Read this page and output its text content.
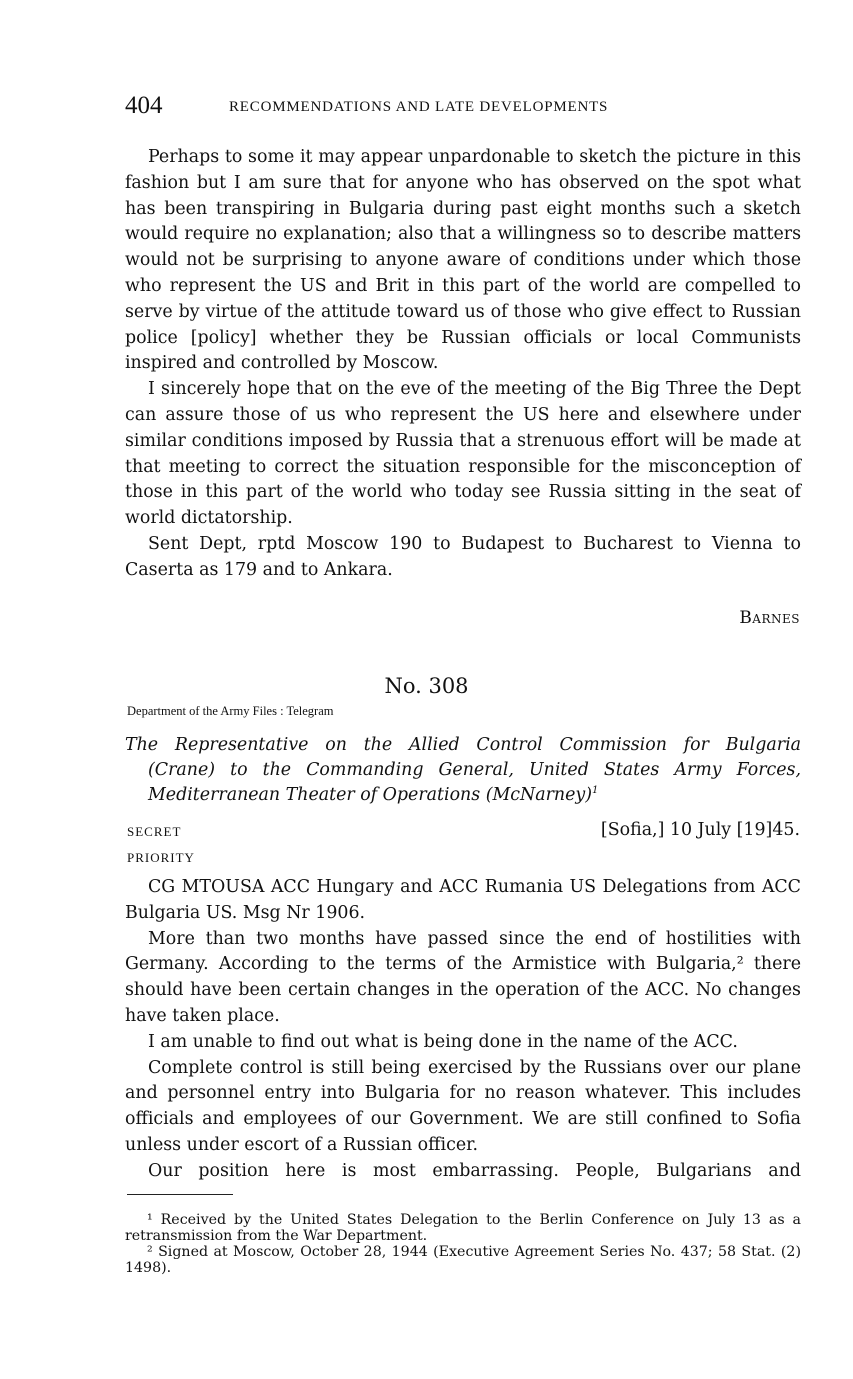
404	RECOMMENDATIONS AND LATE DEVELOPMENTS

Perhaps to some it may appear unpardonable to sketch the picture in this fashion but I am sure that for anyone who has observed on the spot what has been transpiring in Bulgaria during past eight months such a sketch would require no explanation; also that a willingness so to describe matters would not be surprising to anyone aware of conditions under which those who represent the US and Brit in this part of the world are compelled to serve by virtue of the attitude toward us of those who give effect to Russian police [policy] whether they be Russian officials or local Communists inspired and controlled by Moscow.

I sincerely hope that on the eve of the meeting of the Big Three the Dept can assure those of us who represent the US here and elsewhere under similar conditions imposed by Russia that a strenuous effort will be made at that meeting to correct the situation responsible for the misconception of those in this part of the world who today see Russia sitting in the seat of world dictatorship.

Sent Dept, rptd Moscow 190 to Budapest to Bucharest to Vienna to Caserta as 179 and to Ankara.

Barnes
No. 308
Department of the Army Files : Telegram
The Representative on the Allied Control Commission for Bulgaria
(Crane) to the Commanding General, United States Army Forces,
Mediterranean Theater of Operations (McNarney)$^1$
SECRET
PRIORITY
[Sofia,] 10 July [19]45.

CG MTOUSA ACC Hungary and ACC Rumania US Delegations from ACC Bulgaria US. Msg Nr 1906.

More than two months have passed since the end of hostilities with Germany. According to the terms of the Armistice with Bulgaria,² there should have been certain changes in the operation of the ACC. No changes have taken place.

I am unable to find out what is being done in the name of the ACC.

Complete control is still being exercised by the Russians over our plane and personnel entry into Bulgaria for no reason whatever. This includes officials and employees of our Government. We are still confined to Sofia unless under escort of a Russian officer.

Our position here is most embarrassing. People, Bulgarians and

¹ Received by the United States Delegation to the Berlin Conference on July 13 as a retransmission from the War Department.

² Signed at Moscow, October 28, 1944 (Executive Agreement Series No. 437; 58 Stat. (2) 1498).
